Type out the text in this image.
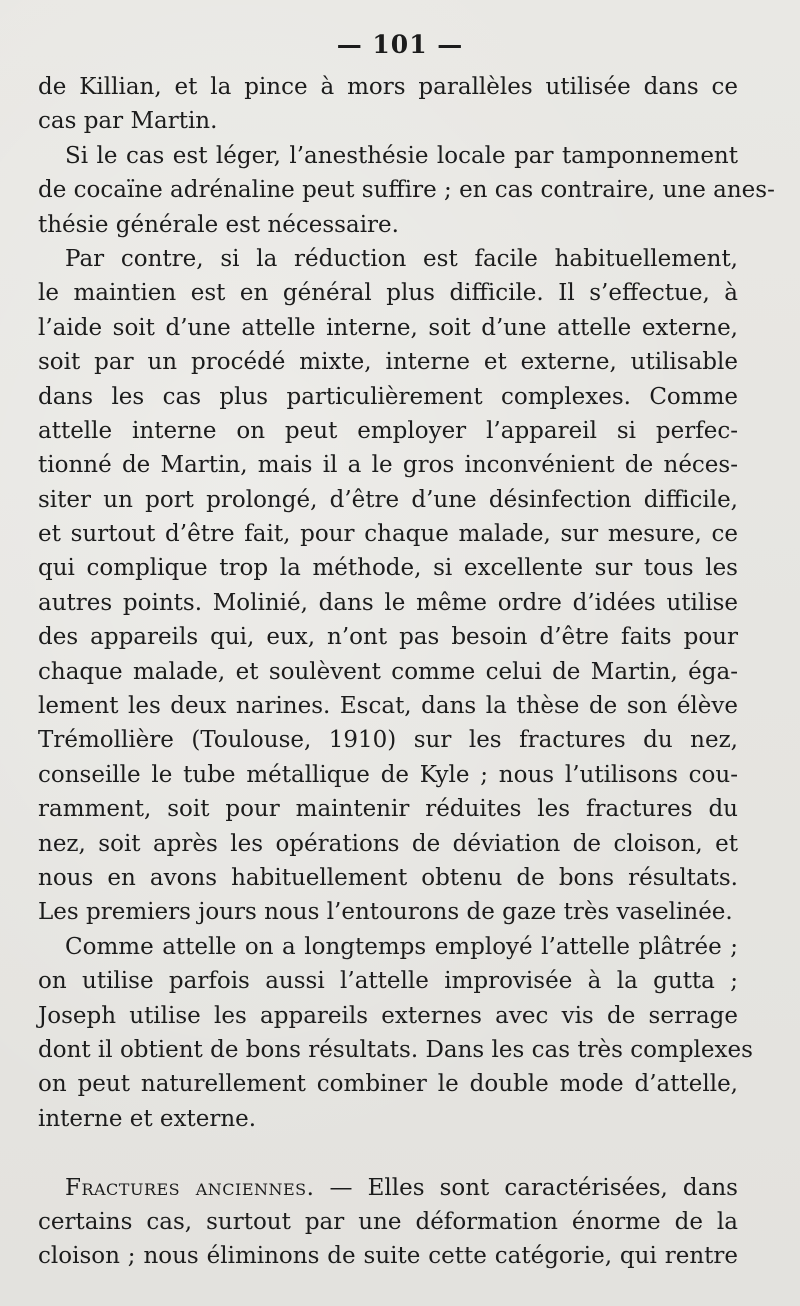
— 101 —
de Killian, et la pince à mors parallèles utilisée dans ce
cas par Martin.
Si le cas est léger, l’anesthésie locale par tamponnement
de cocaïne adrénaline peut suffire ; en cas contraire, une anes-
thésie générale est nécessaire.
Par contre, si la réduction est facile habituellement,
le maintien est en général plus difficile. Il s’effectue, à
l’aide soit d’une attelle interne, soit d’une attelle externe,
soit par un procédé mixte, interne et externe, utilisable
dans les cas plus particulièrement complexes. Comme
attelle interne on peut employer l’appareil si perfec-
tionné de Martin, mais il a le gros inconvénient de néces-
siter un port prolongé, d’être d’une désinfection difficile,
et surtout d’être fait, pour chaque malade, sur mesure, ce
qui complique trop la méthode, si excellente sur tous les
autres points. Molinié, dans le même ordre d’idées utilise
des appareils qui, eux, n’ont pas besoin d’être faits pour
chaque malade, et soulèvent comme celui de Martin, éga-
lement les deux narines. Escat, dans la thèse de son élève
Trémollière (Toulouse, 1910) sur les fractures du nez,
conseille le tube métallique de Kyle ; nous l’utilisons cou-
ramment, soit pour maintenir réduites les fractures du
nez, soit après les opérations de déviation de cloison, et
nous en avons habituellement obtenu de bons résultats.
Les premiers jours nous l’entourons de gaze très vaselinée.
Comme attelle on a longtemps employé l’attelle plâtrée ;
on utilise parfois aussi l’attelle improvisée à la gutta ;
Joseph utilise les appareils externes avec vis de serrage
dont il obtient de bons résultats. Dans les cas très complexes
on peut naturellement combiner le double mode d’attelle,
interne et externe.
Fractures anciennes. — Elles sont caractérisées, dans
certains cas, surtout par une déformation énorme de la
cloison ; nous éliminons de suite cette catégorie, qui rentre
